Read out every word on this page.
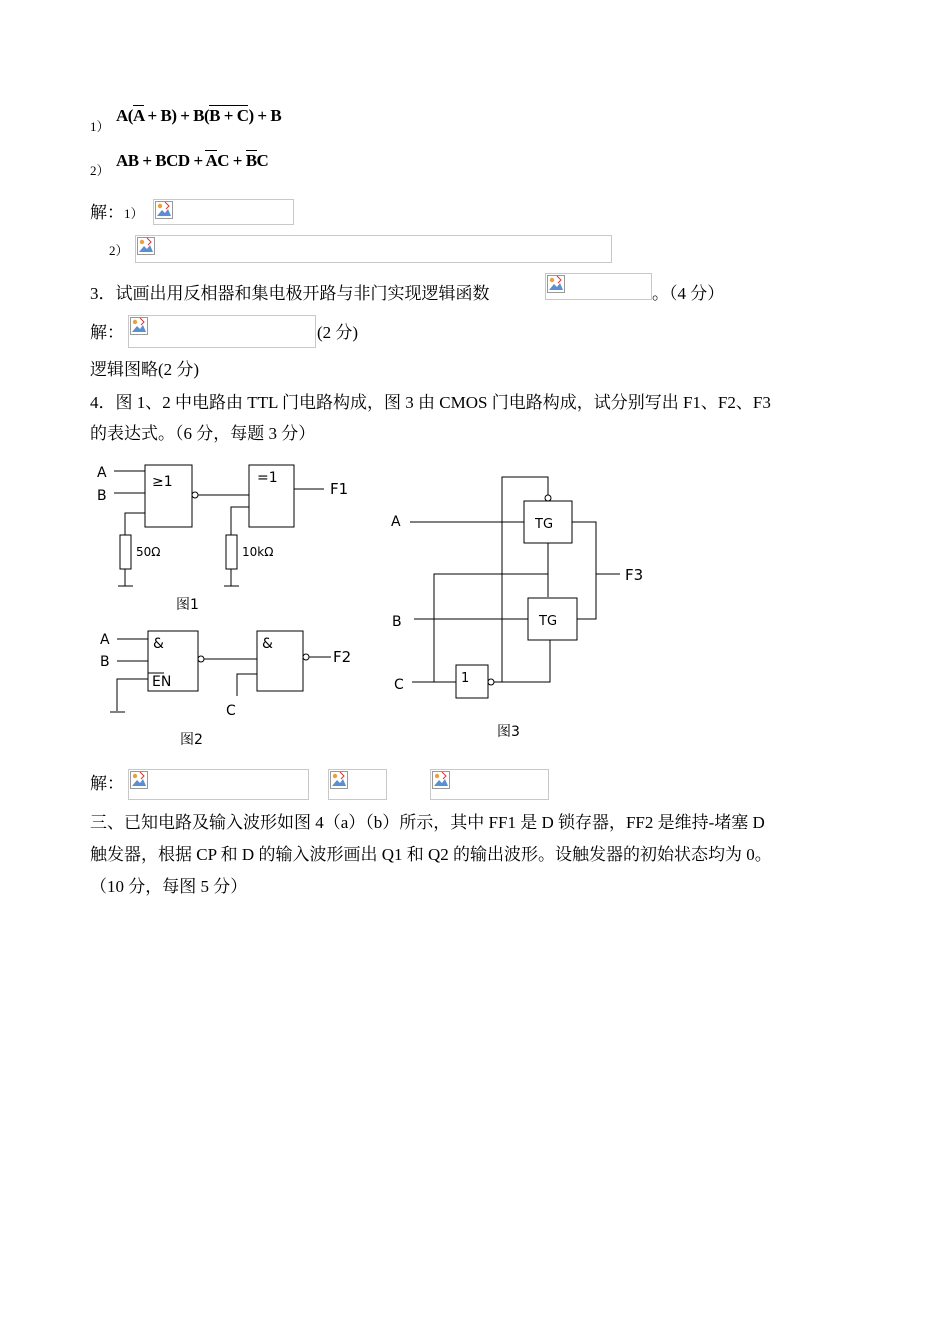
1）
A(A + B) + B(B + C) + B
2）
AB + BCD + AC + BC
解：1）
2）
3．试画出用反相器和集电极开路与非门实现逻辑函数	。（4 分）
解：	(2 分)
逻辑图略(2 分)
4．图 1、2 中电路由 TTL 门电路构成，图 3 由 CMOS 门电路构成，试分别写出 F1、F2、F3
的表达式。（6 分，每题 3 分）
A
B
≥1	=1
F1
50Ω	10kΩ
图1
A
B
&
EN
&
C
F2
图2
A
B
C
TG
TG
1
F3
图3
解：
三、已知电路及输入波形如图 4（a）（b）所示，其中 FF1 是 D 锁存器，FF2 是维持-堵塞 D
触发器，根据 CP 和 D 的输入波形画出 Q1 和 Q2 的输出波形。设触发器的初始状态均为 0。
（10 分，每图 5 分）
